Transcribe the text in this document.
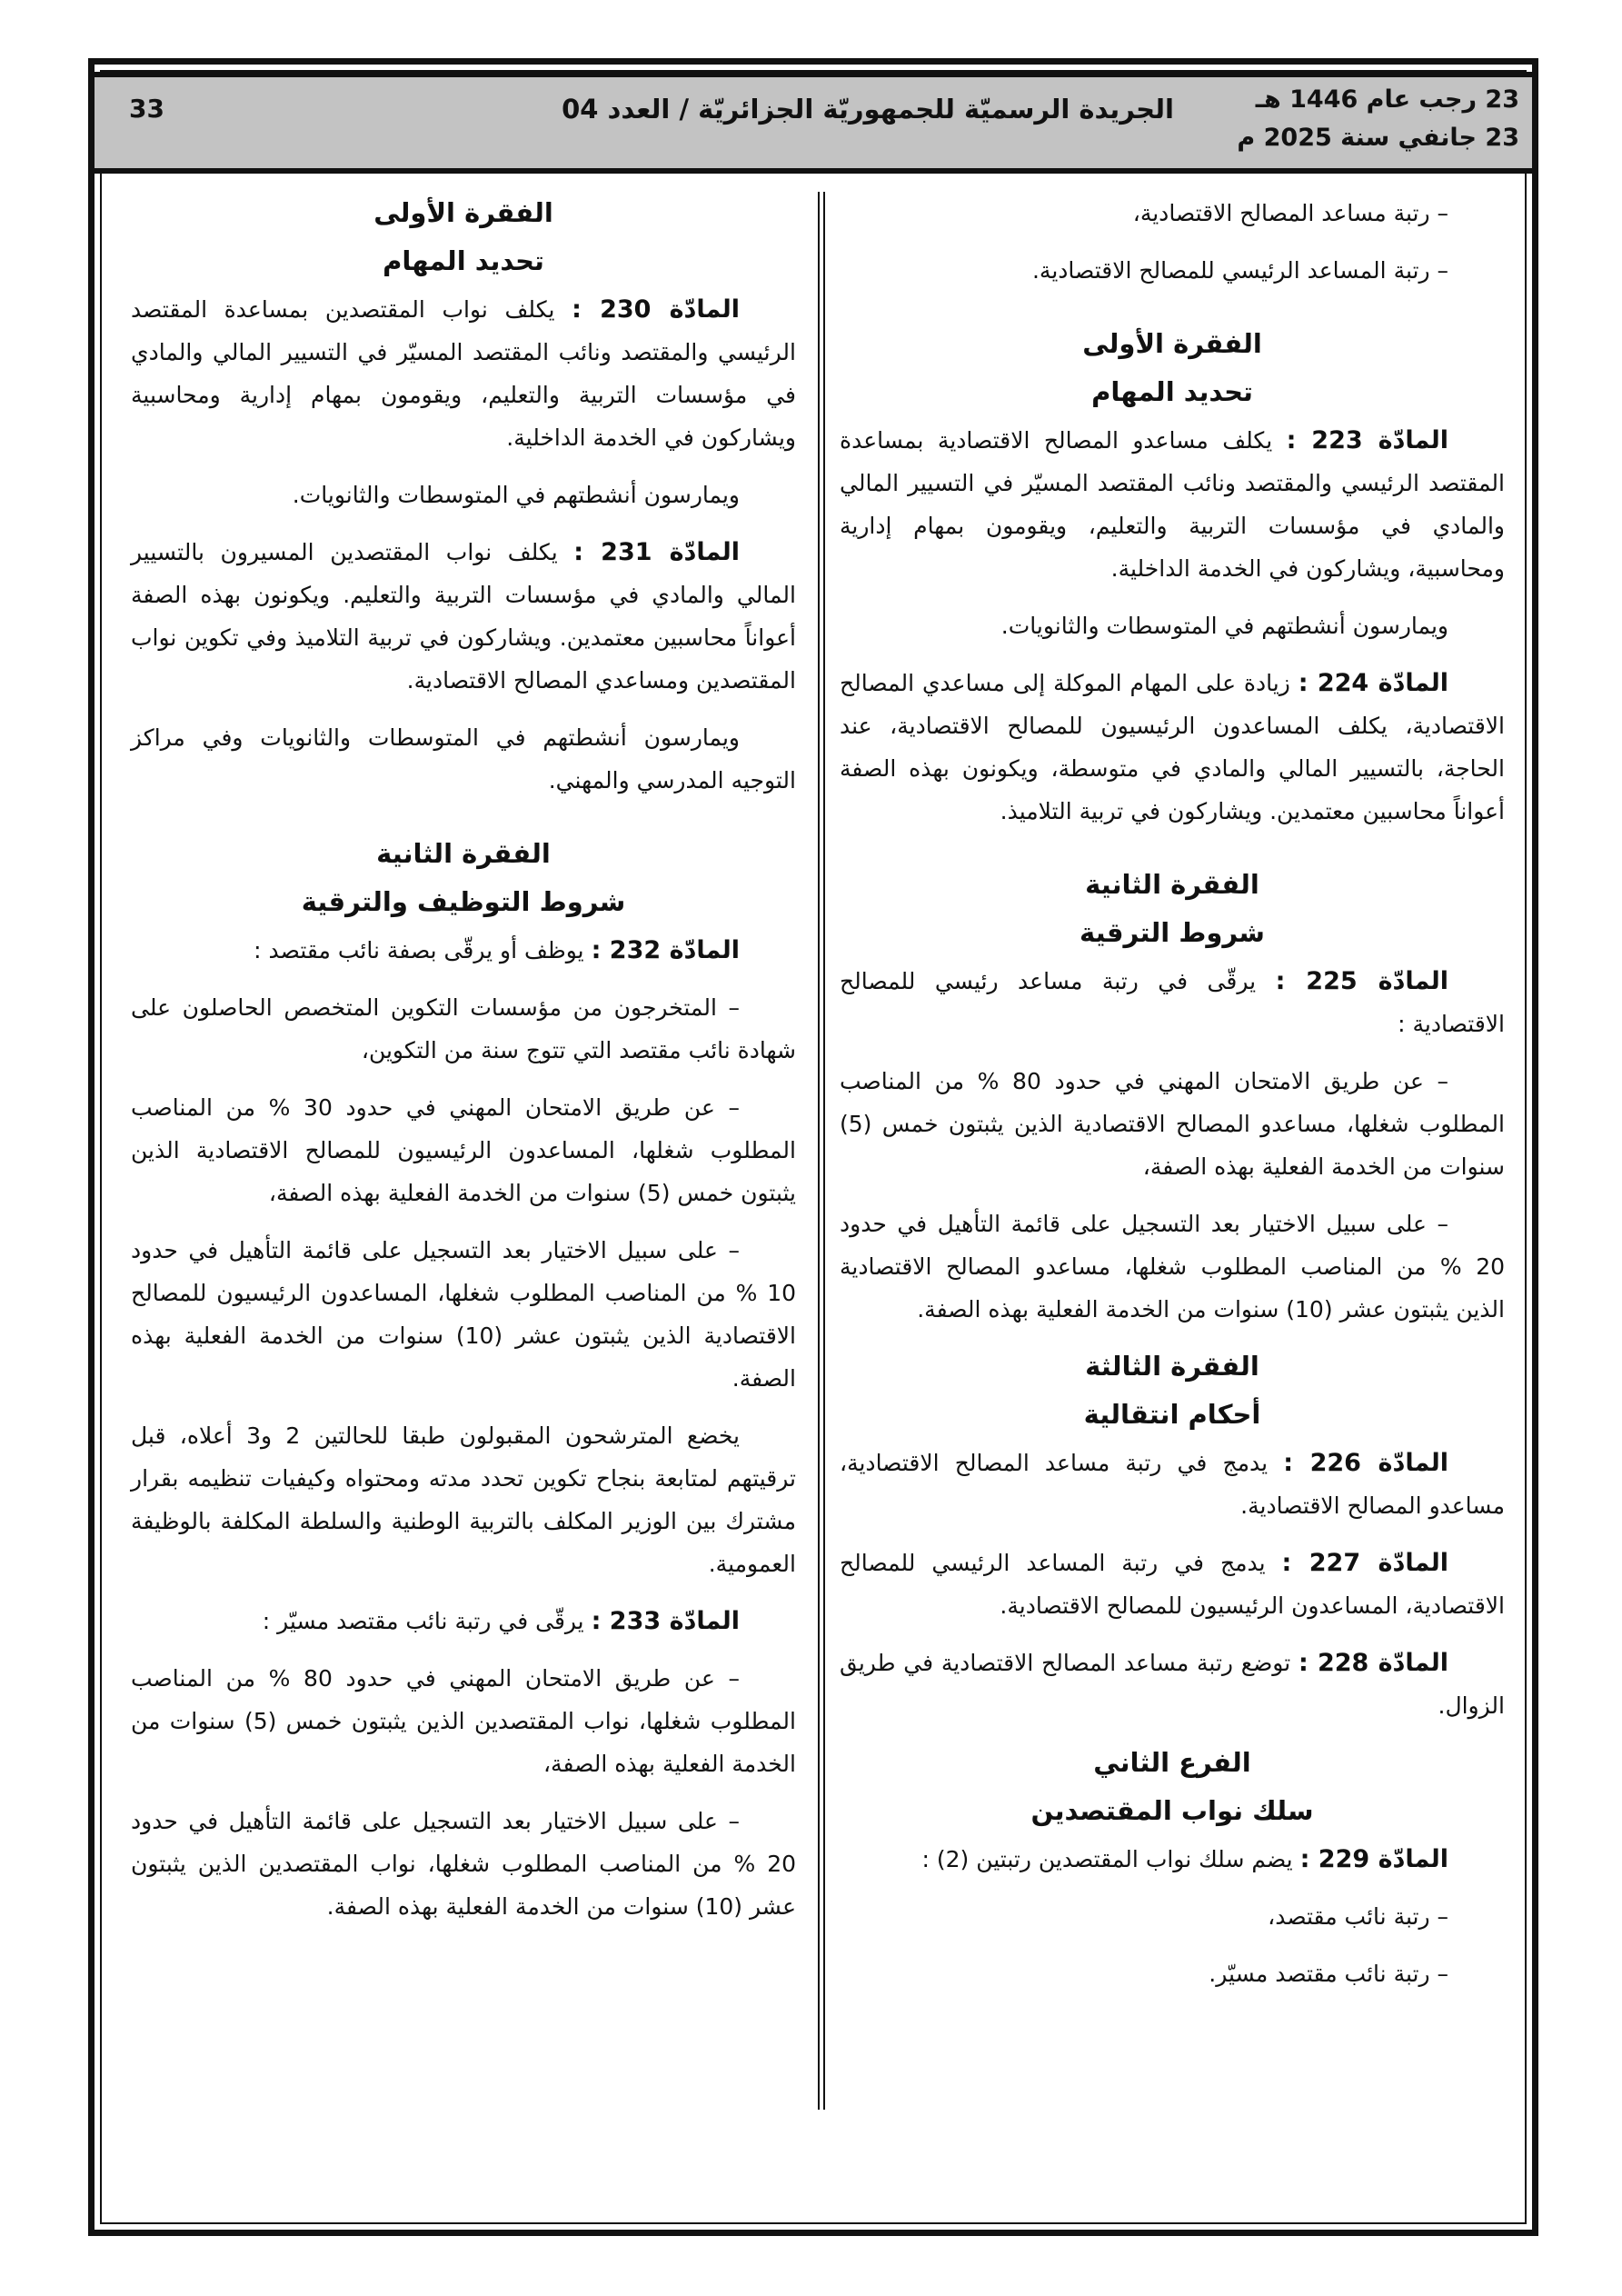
23 رجب عام 1446 هـ
23 جانفي سنة 2025 م
الجريدة الرسميّة للجمهوريّة الجزائريّة / العدد 04
33

– رتبة مساعد المصالح الاقتصادية،

– رتبة المساعد الرئيسي للمصالح الاقتصادية.

الفقرة الأولى

تحديد المهام

المادّة 223 : يكلف مساعدو المصالح الاقتصادية بمساعدة المقتصد الرئيسي والمقتصد ونائب المقتصد المسيّر في التسيير المالي والمادي في مؤسسات التربية والتعليم، ويقومون بمهام إدارية ومحاسبية، ويشاركون في الخدمة الداخلية.

ويمارسون أنشطتهم في المتوسطات والثانويات.

المادّة 224 : زيادة على المهام الموكلة إلى مساعدي المصالح الاقتصادية، يكلف المساعدون الرئيسيون للمصالح الاقتصادية، عند الحاجة، بالتسيير المالي والمادي في متوسطة، ويكونون بهذه الصفة أعواناً محاسبين معتمدين. ويشاركون في تربية التلاميذ.

الفقرة الثانية

شروط الترقية

المادّة 225 : يرقّى في رتبة مساعد رئيسي للمصالح الاقتصادية :

– عن طريق الامتحان المهني في حدود 80 % من المناصب المطلوب شغلها، مساعدو المصالح الاقتصادية الذين يثبتون خمس (5) سنوات من الخدمة الفعلية بهذه الصفة،

– على سبيل الاختيار بعد التسجيل على قائمة التأهيل في حدود 20 % من المناصب المطلوب شغلها، مساعدو المصالح الاقتصادية الذين يثبتون عشر (10) سنوات من الخدمة الفعلية بهذه الصفة.

الفقرة الثالثة

أحكام انتقالية

المادّة 226 : يدمج في رتبة مساعد المصالح الاقتصادية، مساعدو المصالح الاقتصادية.

المادّة 227 : يدمج في رتبة المساعد الرئيسي للمصالح الاقتصادية، المساعدون الرئيسيون للمصالح الاقتصادية.

المادّة 228 : توضع رتبة مساعد المصالح الاقتصادية في طريق الزوال.

الفرع الثاني

سلك نواب المقتصدين

المادّة 229 : يضم سلك نواب المقتصدين رتبتين (2) :

– رتبة نائب مقتصد،

– رتبة نائب مقتصد مسيّر.

الفقرة الأولى

تحديد المهام

المادّة 230 : يكلف نواب المقتصدين بمساعدة المقتصد الرئيسي والمقتصد ونائب المقتصد المسيّر في التسيير المالي والمادي في مؤسسات التربية والتعليم، ويقومون بمهام إدارية ومحاسبية ويشاركون في الخدمة الداخلية.

ويمارسون أنشطتهم في المتوسطات والثانويات.

المادّة 231 : يكلف نواب المقتصدين المسيرون بالتسيير المالي والمادي في مؤسسات التربية والتعليم. ويكونون بهذه الصفة أعواناً محاسبين معتمدين. ويشاركون في تربية التلاميذ وفي تكوين نواب المقتصدين ومساعدي المصالح الاقتصادية.

ويمارسون أنشطتهم في المتوسطات والثانويات وفي مراكز التوجيه المدرسي والمهني.

الفقرة الثانية

شروط التوظيف والترقية

المادّة 232 : يوظف أو يرقّى بصفة نائب مقتصد :

– المتخرجون من مؤسسات التكوين المتخصص الحاصلون على شهادة نائب مقتصد التي تتوج سنة من التكوين،

– عن طريق الامتحان المهني في حدود 30 % من المناصب المطلوب شغلها، المساعدون الرئيسيون للمصالح الاقتصادية الذين يثبتون خمس (5) سنوات من الخدمة الفعلية بهذه الصفة،

– على سبيل الاختيار بعد التسجيل على قائمة التأهيل في حدود 10 % من المناصب المطلوب شغلها، المساعدون الرئيسيون للمصالح الاقتصادية الذين يثبتون عشر (10) سنوات من الخدمة الفعلية بهذه الصفة.

يخضع المترشحون المقبولون طبقا للحالتين 2 و3 أعلاه، قبل ترقيتهم لمتابعة بنجاح تكوين تحدد مدته ومحتواه وكيفيات تنظيمه بقرار مشترك بين الوزير المكلف بالتربية الوطنية والسلطة المكلفة بالوظيفة العمومية.

المادّة 233 : يرقّى في رتبة نائب مقتصد مسيّر :

– عن طريق الامتحان المهني في حدود 80 % من المناصب المطلوب شغلها، نواب المقتصدين الذين يثبتون خمس (5) سنوات من الخدمة الفعلية بهذه الصفة،

– على سبيل الاختيار بعد التسجيل على قائمة التأهيل في حدود 20 % من المناصب المطلوب شغلها، نواب المقتصدين الذين يثبتون عشر (10) سنوات من الخدمة الفعلية بهذه الصفة.
